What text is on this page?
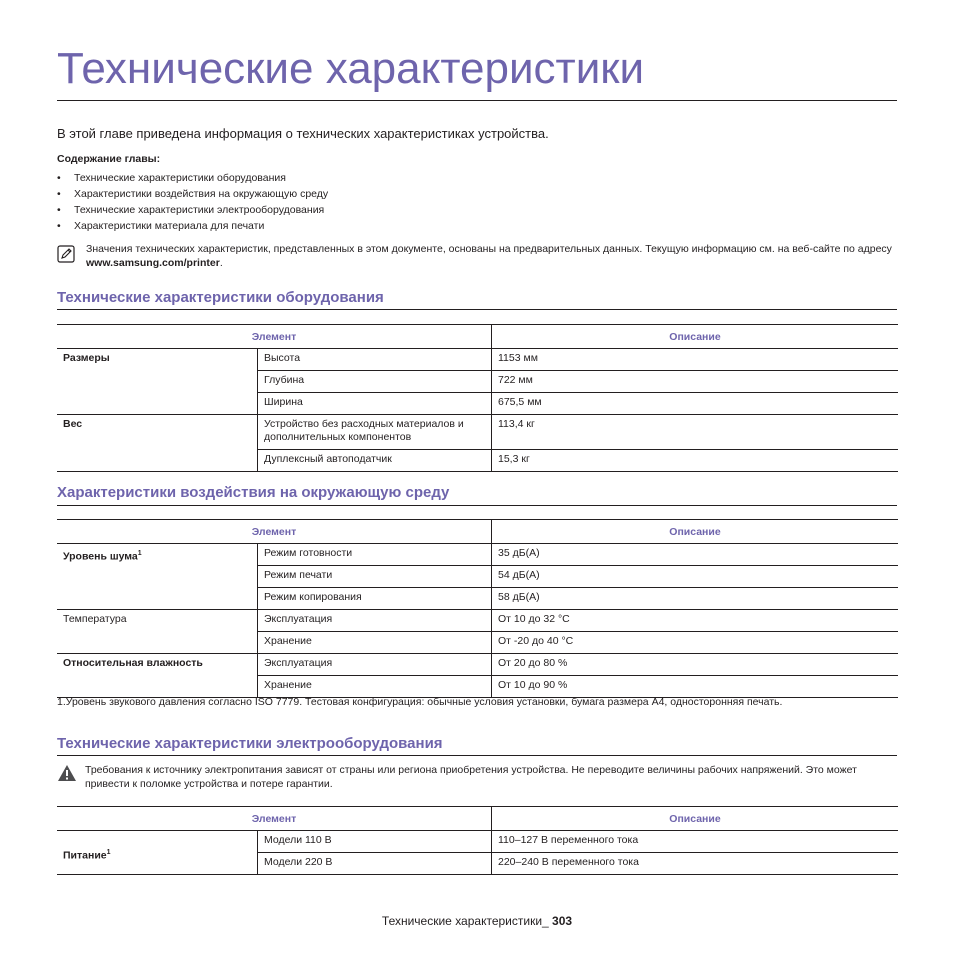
Технические характеристики

В этой главе приведена информация о технических характеристиках устройства.

Содержание главы:

• Технические характеристики оборудования
• Характеристики воздействия на окружающую среду
• Технические характеристики электрооборудования
• Характеристики материала для печати

Значения технических характеристик, представленных в этом документе, основаны на предварительных данных. Текущую информацию см. на веб-сайте по адресу www.samsung.com/printer.

Технические характеристики оборудования
Элемент		Описание
Размеры	Высота	1153 мм
	Глубина	722 мм
	Ширина	675,5 мм
Вес	Устройство без расходных материалов и дополнительных компонентов	113,4 кг
	Дуплексный автоподатчик	15,3 кг
Характеристики воздействия на окружающую среду
Элемент		Описание
Уровень шума$^1$	Режим готовности	35 дБ(А)
	Режим печати	54 дБ(А)
	Режим копирования	58 дБ(А)
Температура	Эксплуатация	От 10 до 32 °C
	Хранение	От -20 до 40 °C
Относительная влажность	Эксплуатация	От 20 до 80 %
	Хранение	От 10 до 90 %

1.Уровень звукового давления согласно ISO 7779. Тестовая конфигурация: обычные условия установки, бумага размера A4, односторонняя печать.

Технические характеристики электрооборудования

Требования к источнику электропитания зависят от страны или региона приобретения устройства. Не переводите величины рабочих напряжений. Это может привести к поломке устройства и потере гарантии.

Элемент		Описание
Питание$^1$	Модели 110 В	110–127 В переменного тока
	Модели 220 В	220–240 В переменного тока

Технические характеристики_ 303
